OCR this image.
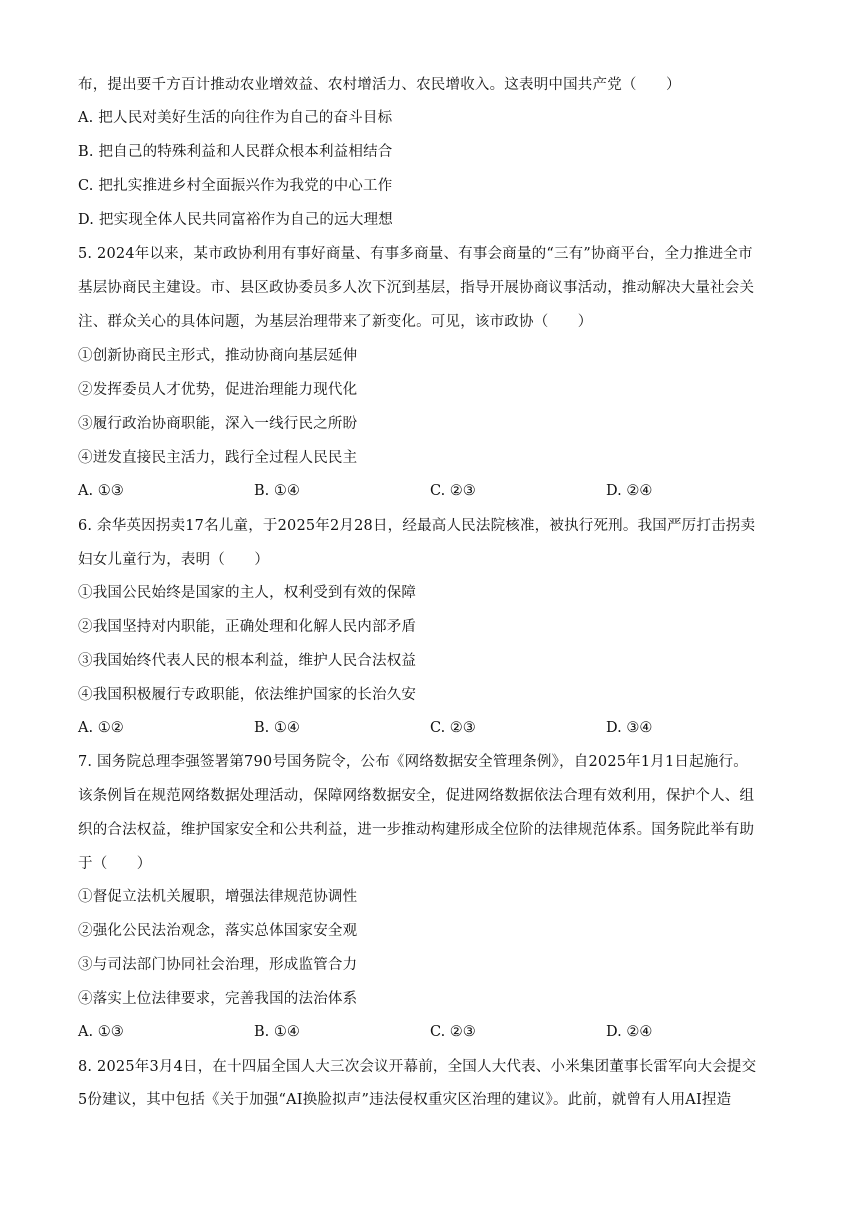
布，提出要千方百计推动农业增效益、农村增活力、农民增收入。这表明中国共产党（　　）
A. 把人民对美好生活的向往作为自己的奋斗目标
B. 把自己的特殊利益和人民群众根本利益相结合
C. 把扎实推进乡村全面振兴作为我党的中心工作
D. 把实现全体人民共同富裕作为自己的远大理想
5. 2024年以来，某市政协利用有事好商量、有事多商量、有事会商量的“三有”协商平台，全力推进全市
基层协商民主建设。市、县区政协委员多人次下沉到基层，指导开展协商议事活动，推动解决大量社会关
注、群众关心的具体问题，为基层治理带来了新变化。可见，该市政协（　　）
①创新协商民主形式，推动协商向基层延伸
②发挥委员人才优势，促进治理能力现代化
③履行政治协商职能，深入一线行民之所盼
④迸发直接民主活力，践行全过程人民民主
A. ①③	B. ①④	C. ②③	D. ②④
6. 余华英因拐卖17名儿童，于2025年2月28日，经最高人民法院核准，被执行死刑。我国严厉打击拐卖
妇女儿童行为，表明（　　）
①我国公民始终是国家的主人，权利受到有效的保障
②我国坚持对内职能，正确处理和化解人民内部矛盾
③我国始终代表人民的根本利益，维护人民合法权益
④我国积极履行专政职能，依法维护国家的长治久安
A. ①②	B. ①④	C. ②③	D. ③④
7. 国务院总理李强签署第790号国务院令，公布《网络数据安全管理条例》，自2025年1月1日起施行。
该条例旨在规范网络数据处理活动，保障网络数据安全，促进网络数据依法合理有效利用，保护个人、组
织的合法权益，维护国家安全和公共利益，进一步推动构建形成全位阶的法律规范体系。国务院此举有助
于（　　）
①督促立法机关履职，增强法律规范协调性
②强化公民法治观念，落实总体国家安全观
③与司法部门协同社会治理，形成监管合力
④落实上位法律要求，完善我国的法治体系
A. ①③	B. ①④	C. ②③	D. ②④
8. 2025年3月4日，在十四届全国人大三次会议开幕前，全国人大代表、小米集团董事长雷军向大会提交
5份建议，其中包括《关于加强“AI换脸拟声”违法侵权重灾区治理的建议》。此前，就曾有人用AI捏造
